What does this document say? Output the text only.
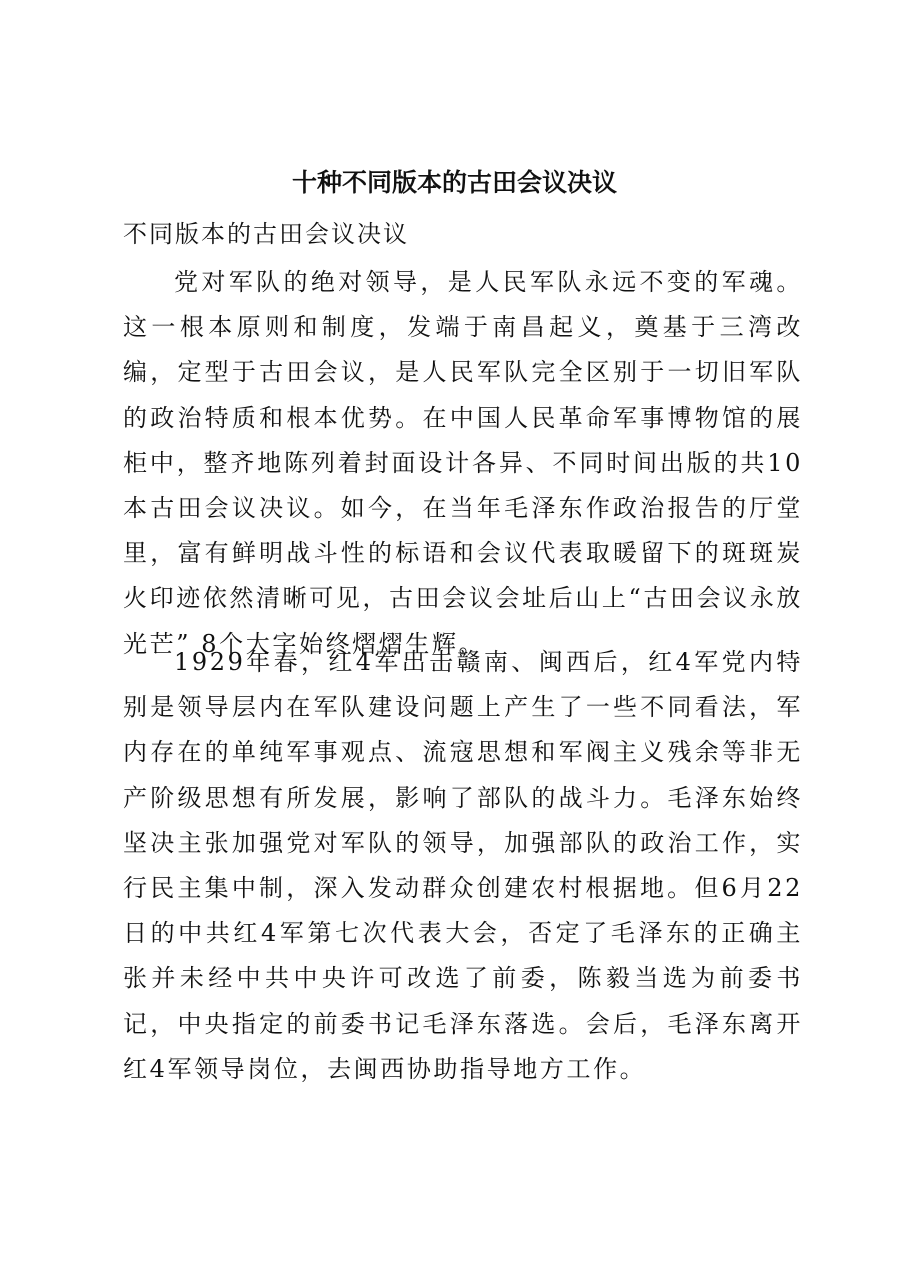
十种不同版本的古田会议决议
不同版本的古田会议决议

党对军队的绝对领导，是人民军队永远不变的军魂。这一根本原则和制度，发端于南昌起义，奠基于三湾改编，定型于古田会议，是人民军队完全区别于一切旧军队的政治特质和根本优势。在中国人民革命军事博物馆的展柜中，整齐地陈列着封面设计各异、不同时间出版的共10本古田会议决议。如今，在当年毛泽东作政治报告的厅堂里，富有鲜明战斗性的标语和会议代表取暖留下的斑斑炭火印迹依然清晰可见，古田会议会址后山上“古田会议永放光芒” 8个大字始终熠熠生辉。

1929年春，红4军出击赣南、闽西后，红4军党内特别是领导层内在军队建设问题上产生了一些不同看法，军内存在的单纯军事观点、流寇思想和军阀主义残余等非无产阶级思想有所发展，影响了部队的战斗力。毛泽东始终坚决主张加强党对军队的领导，加强部队的政治工作，实行民主集中制，深入发动群众创建农村根据地。但6月22日的中共红4军第七次代表大会，否定了毛泽东的正确主张并未经中共中央许可改选了前委，陈毅当选为前委书记，中央指定的前委书记毛泽东落选。会后，毛泽东离开红4军领导岗位，去闽西协助指导地方工作。
